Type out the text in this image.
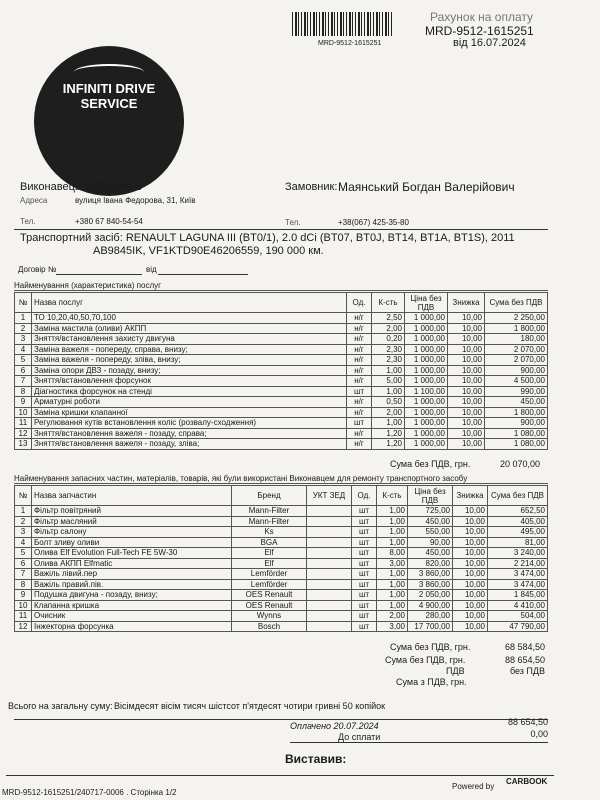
MRD-9512-1615251
Рахунок на оплату
MRD-9512-1615251
від 16.07.2024
INFINITI DRIVE
SERVICE
Виконавець: IDService
Адреса	вулиця Івана Федорова, 31, Київ
Тел.	+380 67 840-54-54
Замовник: Маянський Богдан Валерійович
Тел.	+38(067) 425-35-80
Транспортний засіб: RENAULT LAGUNA III (BT0/1), 2.0 dCi (BT07, BT0J, BT14, BT1A, BT1S), 2011
AB9845IK, VF1KTD90E46206559, 190 000 км.
Договір №	від
Найменування (характеристика) послуг
№	Назва послуг	Од.	К-сть	Ціна без ПДВ	Знижка	Сума без ПДВ
1	ТО 10,20,40,50,70,100	н/г	2,50	1 000,00	10,00	2 250,00
2	Заміна мастила (оливи) АКПП	н/г	2,00	1 000,00	10,00	1 800,00
3	Зняття/встановлення захисту двигуна	н/г	0,20	1 000,00	10,00	180,00
4	Заміна важеля - попереду, справа, внизу;	н/г	2,30	1 000,00	10,00	2 070,00
5	Заміна важеля - попереду, зліва, внизу;	н/г	2,30	1 000,00	10,00	2 070,00
6	Заміна опори ДВЗ - позаду, внизу;	н/г	1,00	1 000,00	10,00	900,00
7	Зняття/встановлення форсунок	н/г	5,00	1 000,00	10,00	4 500,00
8	Діагностика форсунок на стенді	шт	1,00	1 100,00	10,00	990,00
9	Арматурні роботи	н/г	0,50	1 000,00	10,00	450,00
10	Заміна кришки клапанної	н/г	2,00	1 000,00	10,00	1 800,00
11	Регулювання кутів встановлення коліс (розвалу-сходження)	шт	1,00	1 000,00	10,00	900,00
12	Зняття/встановлення важеля - позаду, справа;	н/г	1,20	1 000,00	10,00	1 080,00
13	Зняття/встановлення важеля - позаду, зліва;	н/г	1,20	1 000,00	10,00	1 080,00
Сума без ПДВ, грн.	20 070,00
Найменування запасних частин, матеріалів, товарів, які були використані Виконавцем для ремонту транспортного засобу
№	Назва запчастин	Бренд	УКТ ЗЕД	Од.	К-сть	Ціна без ПДВ	Знижка	Сума без ПДВ
1	Фільтр повітряний	Mann-Filter		шт	1,00	725,00	10,00	652,50
2	Фільтр масляний	Mann-Filter		шт	1,00	450,00	10,00	405,00
3	Фільтр салону	Ks		шт	1,00	550,00	10,00	495,00
4	Болт зливу оливи	BGA		шт	1,00	90,00	10,00	81,00
5	Олива Elf Evolution Full-Tech FE 5W-30	Elf		шт	8,00	450,00	10,00	3 240,00
6	Олива АКПП Elfmatic	Elf		шт	3,00	820,00	10,00	2 214,00
7	Важіль лівий.пер	Lemförder		шт	1,00	3 860,00	10,00	3 474,00
8	Важіль правий.пів.	Lemförder		шт	1,00	3 860,00	10,00	3 474,00
9	Подушка двигуна - позаду, внизу;	OES Renault		шт	1,00	2 050,00	10,00	1 845,00
10	Клапанна кришка	OES Renault		шт	1,00	4 900,00	10,00	4 410,00
11	Очисник	Wynns		шт	2,00	280,00	10,00	504,00
12	Інжекторна форсунка	Bosch		шт	3,00	17 700,00	10,00	47 790,00
Сума без ПДВ, грн.	68 584,50
Сума без ПДВ, грн.	88 654,50
ПДВ	без ПДВ
Сума з ПДВ, грн.
Всього на загальну суму: Вісімдесят вісім тисяч шістсот п'ятдесят чотири гривні 50 копійок
Оплачено 20.07.2024	88 654,50
До сплати	0,00
Виставив:
MRD-9512-1615251/240717-0006 . Сторінка 1/2
Powered by
CARBOOK
